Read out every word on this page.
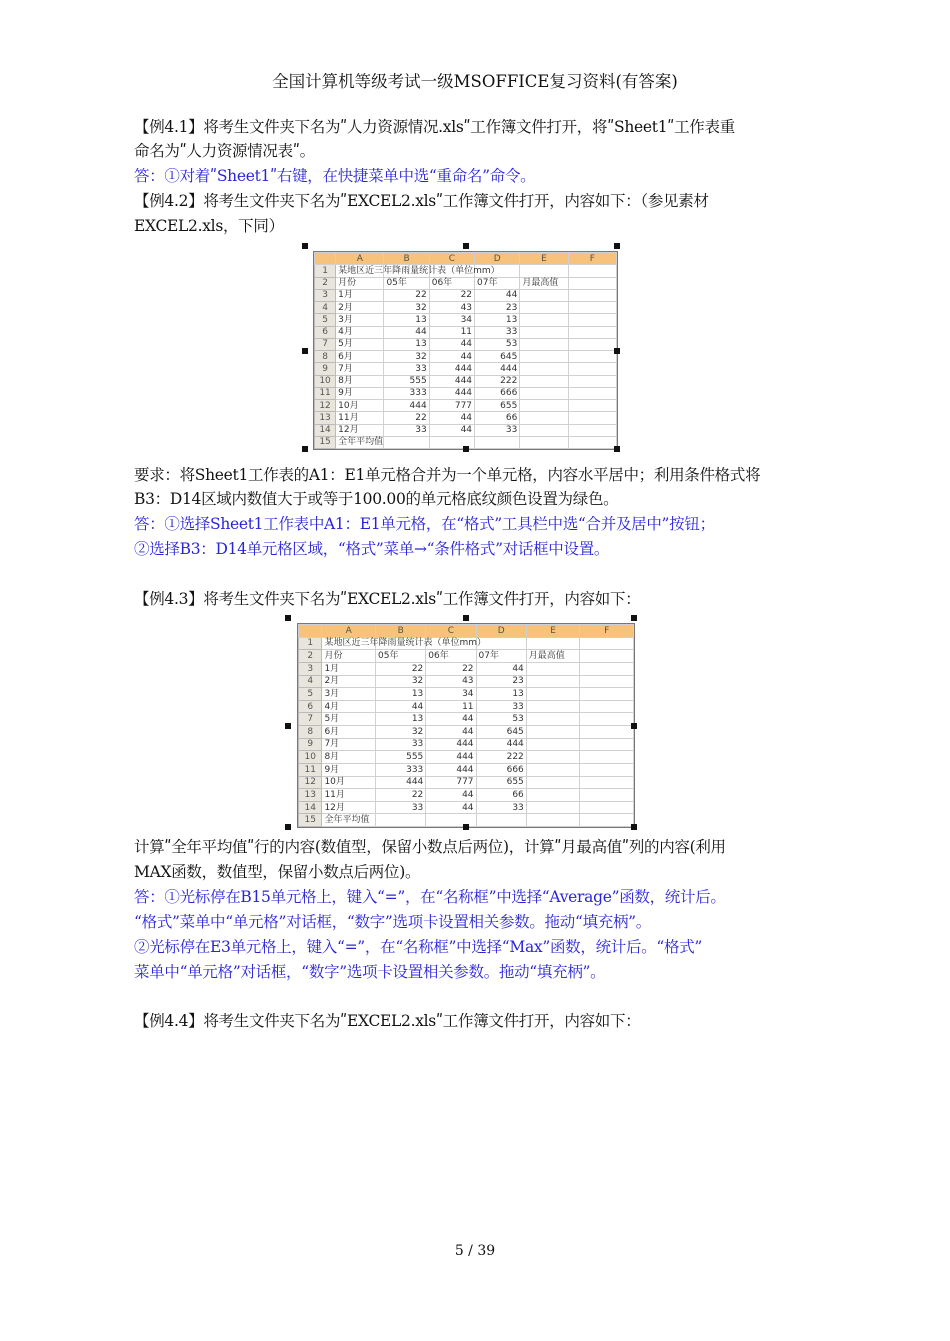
全国计算机等级考试一级MSOFFICE复习资料(有答案)
【例4.1】将考生文件夹下名为ʺ人力资源情况.xlsʺ工作簿文件打开，将ʺSheet1ʺ工作表重
命名为ʺ人力资源情况表ʺ。
答：①对着ʺSheet1ʺ右键，在快捷菜单中选“重命名”命令。
【例4.2】将考生文件夹下名为ʺEXCEL2.xlsʺ工作簿文件打开，内容如下：（参见素材
EXCEL2.xls，下同）
	A	B	C	D	E	F
1	某地区近三年降雨量统计表（单位mm）					
2	月份	05年	06年	07年	月最高值	
3	1月	22	22	44		
4	2月	32	43	23		
5	3月	13	34	13		
6	4月	44	11	33		
7	5月	13	44	53		
8	6月	32	44	645		
9	7月	33	444	444		
10	8月	555	444	222		
11	9月	333	444	666		
12	10月	444	777	655		
13	11月	22	44	66		
14	12月	33	44	33		
15	全年平均值					
要求：将Sheet1工作表的A1：E1单元格合并为一个单元格，内容水平居中；利用条件格式将
B3：D14区域内数值大于或等于100.00的单元格底纹颜色设置为绿色。
答：①选择Sheet1工作表中A1：E1单元格，在“格式”工具栏中选“合并及居中”按钮；
②选择B3：D14单元格区域，“格式”菜单→“条件格式”对话框中设置。
【例4.3】将考生文件夹下名为ʺEXCEL2.xlsʺ工作簿文件打开，内容如下：
	A	B	C	D	E	F
1	某地区近三年降雨量统计表（单位mm）					
2	月份	05年	06年	07年	月最高值	
3	1月	22	22	44		
4	2月	32	43	23		
5	3月	13	34	13		
6	4月	44	11	33		
7	5月	13	44	53		
8	6月	32	44	645		
9	7月	33	444	444		
10	8月	555	444	222		
11	9月	333	444	666		
12	10月	444	777	655		
13	11月	22	44	66		
14	12月	33	44	33		
15	全年平均值					
计算ʺ全年平均值ʺ行的内容(数值型，保留小数点后两位)，计算ʺ月最高值ʺ列的内容(利用
MAX函数，数值型，保留小数点后两位)。
答：①光标停在B15单元格上，键入“=”，在“名称框”中选择“Average”函数，统计后。
“格式”菜单中“单元格”对话框，“数字”选项卡设置相关参数。拖动“填充柄”。
②光标停在E3单元格上，键入“=”，在“名称框”中选择“Max”函数，统计后。“格式”
菜单中“单元格”对话框，“数字”选项卡设置相关参数。拖动“填充柄”。
【例4.4】将考生文件夹下名为ʺEXCEL2.xlsʺ工作簿文件打开，内容如下：
5 / 39
